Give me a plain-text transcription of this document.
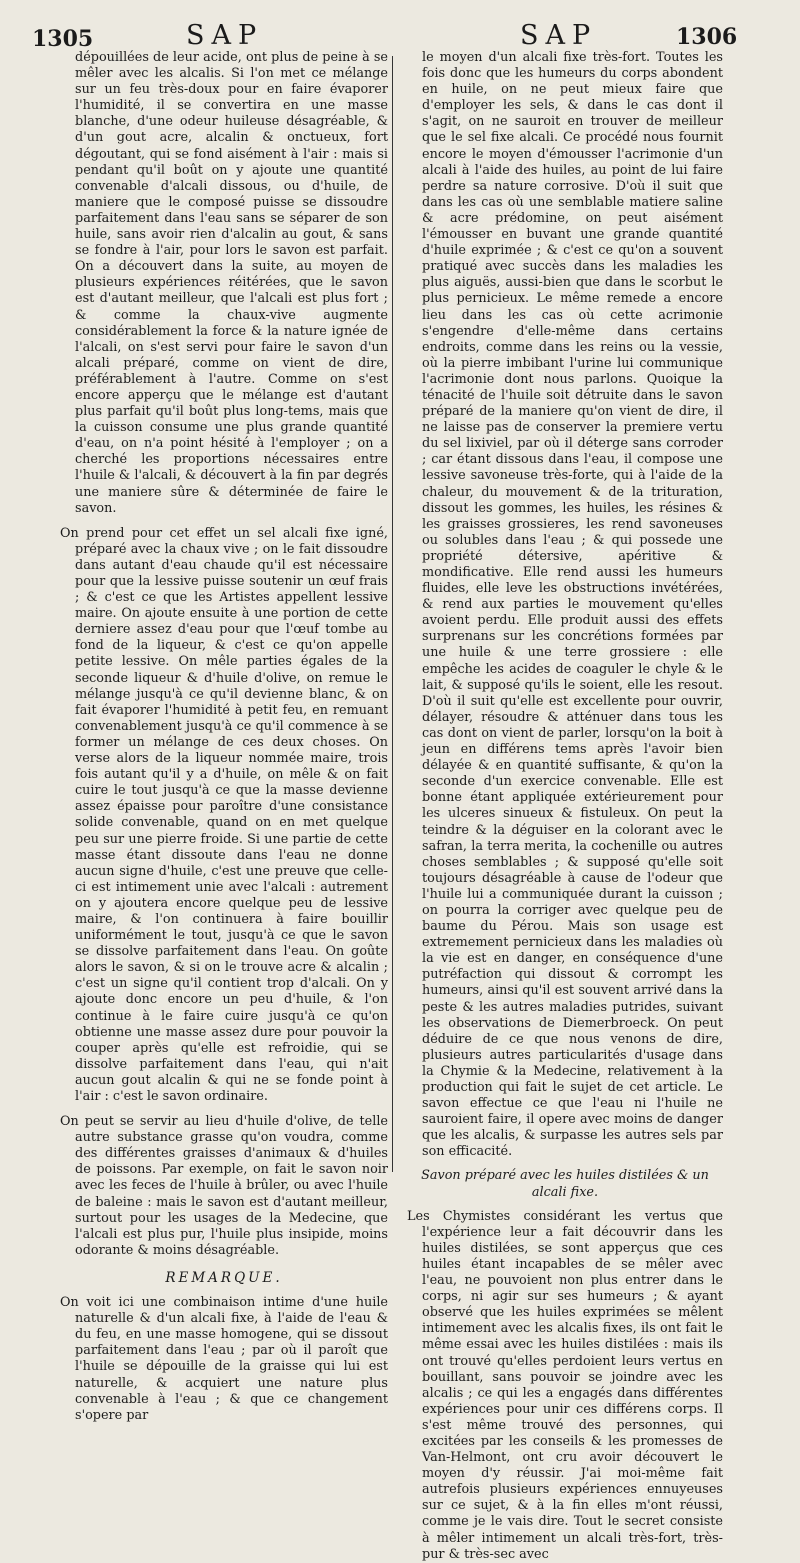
1305	SAP	SAP	1306

dépouillées de leur acide, ont plus de peine à se mêler avec les alcalis. Si l'on met ce mélange sur un feu très-doux pour en faire évaporer l'humidité, il se convertira en une masse blanche, d'une odeur huileuse désagréable, & d'un gout acre, alcalin & onctueux, fort dégoutant, qui se fond aisément à l'air : mais si pendant qu'il boût on y ajoute une quantité convenable d'alcali dissous, ou d'huile, de maniere que le composé puisse se dissoudre parfaitement dans l'eau sans se séparer de son huile, sans avoir rien d'alcalin au gout, & sans se fondre à l'air, pour lors le savon est parfait. On a découvert dans la suite, au moyen de plusieurs expériences réitérées, que le savon est d'autant meilleur, que l'alcali est plus fort ; & comme la chaux-vive augmente considérablement la force & la nature ignée de l'alcali, on s'est servi pour faire le savon d'un alcali préparé, comme on vient de dire, préférablement à l'autre. Comme on s'est encore apperçu que le mélange est d'autant plus parfait qu'il boût plus long-tems, mais que la cuisson consume une plus grande quantité d'eau, on n'a point hésité à l'employer ; on a cherché les proportions nécessaires entre l'huile & l'alcali, & découvert à la fin par degrés une maniere sûre & déterminée de faire le savon.

On prend pour cet effet un sel alcali fixe igné, préparé avec la chaux vive ; on le fait dissoudre dans autant d'eau chaude qu'il est nécessaire pour que la lessive puisse soutenir un œuf frais ; & c'est ce que les Artistes appellent lessive maire. On ajoute ensuite à une portion de cette derniere assez d'eau pour que l'œuf tombe au fond de la liqueur, & c'est ce qu'on appelle petite lessive. On mêle parties égales de la seconde liqueur & d'huile d'olive, on remue le mélange jusqu'à ce qu'il devienne blanc, & on fait évaporer l'humidité à petit feu, en remuant convenablement jusqu'à ce qu'il commence à se former un mélange de ces deux choses. On verse alors de la liqueur nommée maire, trois fois autant qu'il y a d'huile, on mêle & on fait cuire le tout jusqu'à ce que la masse devienne assez épaisse pour paroître d'une consistance solide convenable, quand on en met quelque peu sur une pierre froide. Si une partie de cette masse étant dissoute dans l'eau ne donne aucun signe d'huile, c'est une preuve que celle-ci est intimement unie avec l'alcali : autrement on y ajoutera encore quelque peu de lessive maire, & l'on continuera à faire bouillir uniformément le tout, jusqu'à ce que le savon se dissolve parfaitement dans l'eau. On goûte alors le savon, & si on le trouve acre & alcalin ; c'est un signe qu'il contient trop d'alcali. On y ajoute donc encore un peu d'huile, & l'on continue à le faire cuire jusqu'à ce qu'on obtienne une masse assez dure pour pouvoir la couper après qu'elle est refroidie, qui se dissolve parfaitement dans l'eau, qui n'ait aucun gout alcalin & qui ne se fonde point à l'air : c'est le savon ordinaire.

On peut se servir au lieu d'huile d'olive, de telle autre substance grasse qu'on voudra, comme des différentes graisses d'animaux & d'huiles de poissons. Par exemple, on fait le savon noir avec les feces de l'huile à brûler, ou avec l'huile de baleine : mais le savon est d'autant meilleur, surtout pour les usages de la Medecine, que l'alcali est plus pur, l'huile plus insipide, moins odorante & moins désagréable.

REMARQUE.

On voit ici une combinaison intime d'une huile naturelle & d'un alcali fixe, à l'aide de l'eau & du feu, en une masse homogene, qui se dissout parfaitement dans l'eau ; par où il paroît que l'huile se dépouille de la graisse qui lui est naturelle, & acquiert une nature plus convenable à l'eau ; & que ce changement s'opere par

le moyen d'un alcali fixe très-fort. Toutes les fois donc que les humeurs du corps abondent en huile, on ne peut mieux faire que d'employer les sels, & dans le cas dont il s'agit, on ne sauroit en trouver de meilleur que le sel fixe alcali. Ce procédé nous fournit encore le moyen d'émousser l'acrimonie d'un alcali à l'aide des huiles, au point de lui faire perdre sa nature corrosive. D'où il suit que dans les cas où une semblable matiere saline & acre prédomine, on peut aisément l'émousser en buvant une grande quantité d'huile exprimée ; & c'est ce qu'on a souvent pratiqué avec succès dans les maladies les plus aiguës, aussi-bien que dans le scorbut le plus pernicieux. Le même remede a encore lieu dans les cas où cette acrimonie s'engendre d'elle-même dans certains endroits, comme dans les reins ou la vessie, où la pierre imbibant l'urine lui communique l'acrimonie dont nous parlons. Quoique la ténacité de l'huile soit détruite dans le savon préparé de la maniere qu'on vient de dire, il ne laisse pas de conserver la premiere vertu du sel lixiviel, par où il déterge sans corroder ; car étant dissous dans l'eau, il compose une lessive savoneuse très-forte, qui à l'aide de la chaleur, du mouvement & de la trituration, dissout les gommes, les huiles, les résines & les graisses grossieres, les rend savoneuses ou solubles dans l'eau ; & qui possede une propriété détersive, apéritive & mondificative. Elle rend aussi les humeurs fluides, elle leve les obstructions invétérées, & rend aux parties le mouvement qu'elles avoient perdu. Elle produit aussi des effets surprenans sur les concrétions formées par une huile & une terre grossiere : elle empêche les acides de coaguler le chyle & le lait, & supposé qu'ils le soient, elle les resout. D'où il suit qu'elle est excellente pour ouvrir, délayer, résoudre & atténuer dans tous les cas dont on vient de parler, lorsqu'on la boit à jeun en différens tems après l'avoir bien délayée & en quantité suffisante, & qu'on la seconde d'un exercice convenable. Elle est bonne étant appliquée extérieurement pour les ulceres sinueux & fistuleux. On peut la teindre & la déguiser en la colorant avec le safran, la terra merita, la cochenille ou autres choses semblables ; & supposé qu'elle soit toujours désagréable à cause de l'odeur que l'huile lui a communiquée durant la cuisson ; on pourra la corriger avec quelque peu de baume du Pérou. Mais son usage est extremement pernicieux dans les maladies où la vie est en danger, en conséquence d'une putréfaction qui dissout & corrompt les humeurs, ainsi qu'il est souvent arrivé dans la peste & les autres maladies putrides, suivant les observations de Diemerbroeck. On peut déduire de ce que nous venons de dire, plusieurs autres particularités d'usage dans la Chymie & la Medecine, relativement à la production qui fait le sujet de cet article. Le savon effectue ce que l'eau ni l'huile ne sauroient faire, il opere avec moins de danger que les alcalis, & surpasse les autres sels par son efficacité.

Savon préparé avec les huiles distilées & un alcali fixe.

Les Chymistes considérant les vertus que l'expérience leur a fait découvrir dans les huiles distilées, se sont apperçus que ces huiles étant incapables de se mêler avec l'eau, ne pouvoient non plus entrer dans le corps, ni agir sur ses humeurs ; & ayant observé que les huiles exprimées se mêlent intimement avec les alcalis fixes, ils ont fait le même essai avec les huiles distilées : mais ils ont trouvé qu'elles perdoient leurs vertus en bouillant, sans pouvoir se joindre avec les alcalis ; ce qui les a engagés dans différentes expériences pour unir ces différens corps. Il s'est même trouvé des personnes, qui excitées par les conseils & les promesses de Van-Helmont, ont cru avoir découvert le moyen d'y réussir. J'ai moi-même fait autrefois plusieurs expériences ennuyeuses sur ce sujet, & à la fin elles m'ont réussi, comme je le vais dire. Tout le secret consiste à mêler intimement un alcali très-fort, très-pur & très-sec avec
